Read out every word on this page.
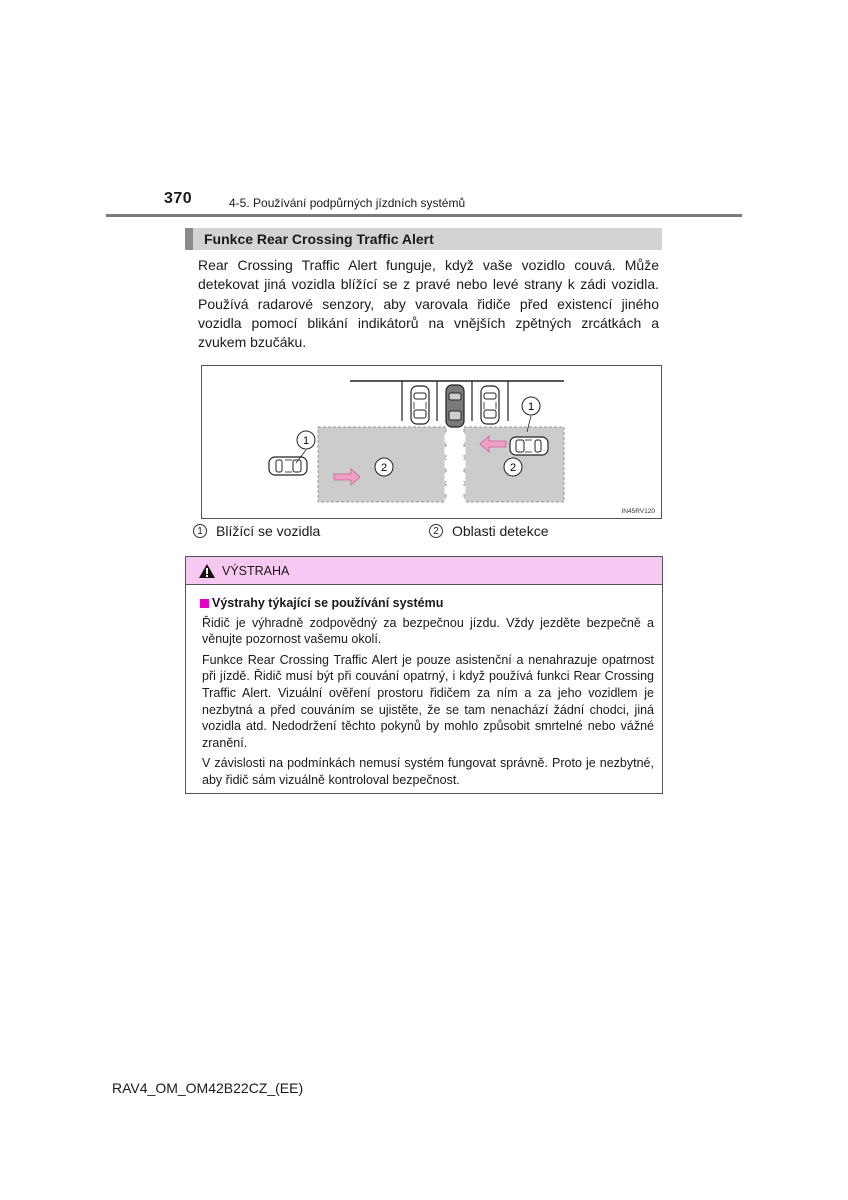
370	4-5. Používání podpůrných jízdních systémů
Funkce Rear Crossing Traffic Alert

Rear Crossing Traffic Alert funguje, když vaše vozidlo couvá. Může detekovat jiná vozidla blížící se z pravé nebo levé strany k zádi vozidla. Používá radarové senzory, aby varovala řidiče před existencí jiného vozidla pomocí blikání indikátorů na vnějších zpětných zrcátkách a zvukem bzučáku.

1
2
1
2
IN45RV120
1 Blížící se vozidla	2 Oblasti detekce
VÝSTRAHA
Výstrahy týkající se používání systému

Řidič je výhradně zodpovědný za bezpečnou jízdu. Vždy jezděte bezpečně a věnujte pozornost vašemu okolí.

Funkce Rear Crossing Traffic Alert je pouze asistenční a nenahrazuje opatrnost při jízdě. Řidič musí být při couvání opatrný, i když používá funkci Rear Crossing Traffic Alert. Vizuální ověření prostoru řidičem za ním a za jeho vozidlem je nezbytná a před couváním se ujistěte, že se tam nenachází žádní chodci, jiná vozidla atd. Nedodržení těchto pokynů by mohlo způsobit smrtelné nebo vážné zranění.

V závislosti na podmínkách nemusí systém fungovat správně. Proto je nezbytné, aby řidič sám vizuálně kontroloval bezpečnost.

RAV4_OM_OM42B22CZ_(EE)
